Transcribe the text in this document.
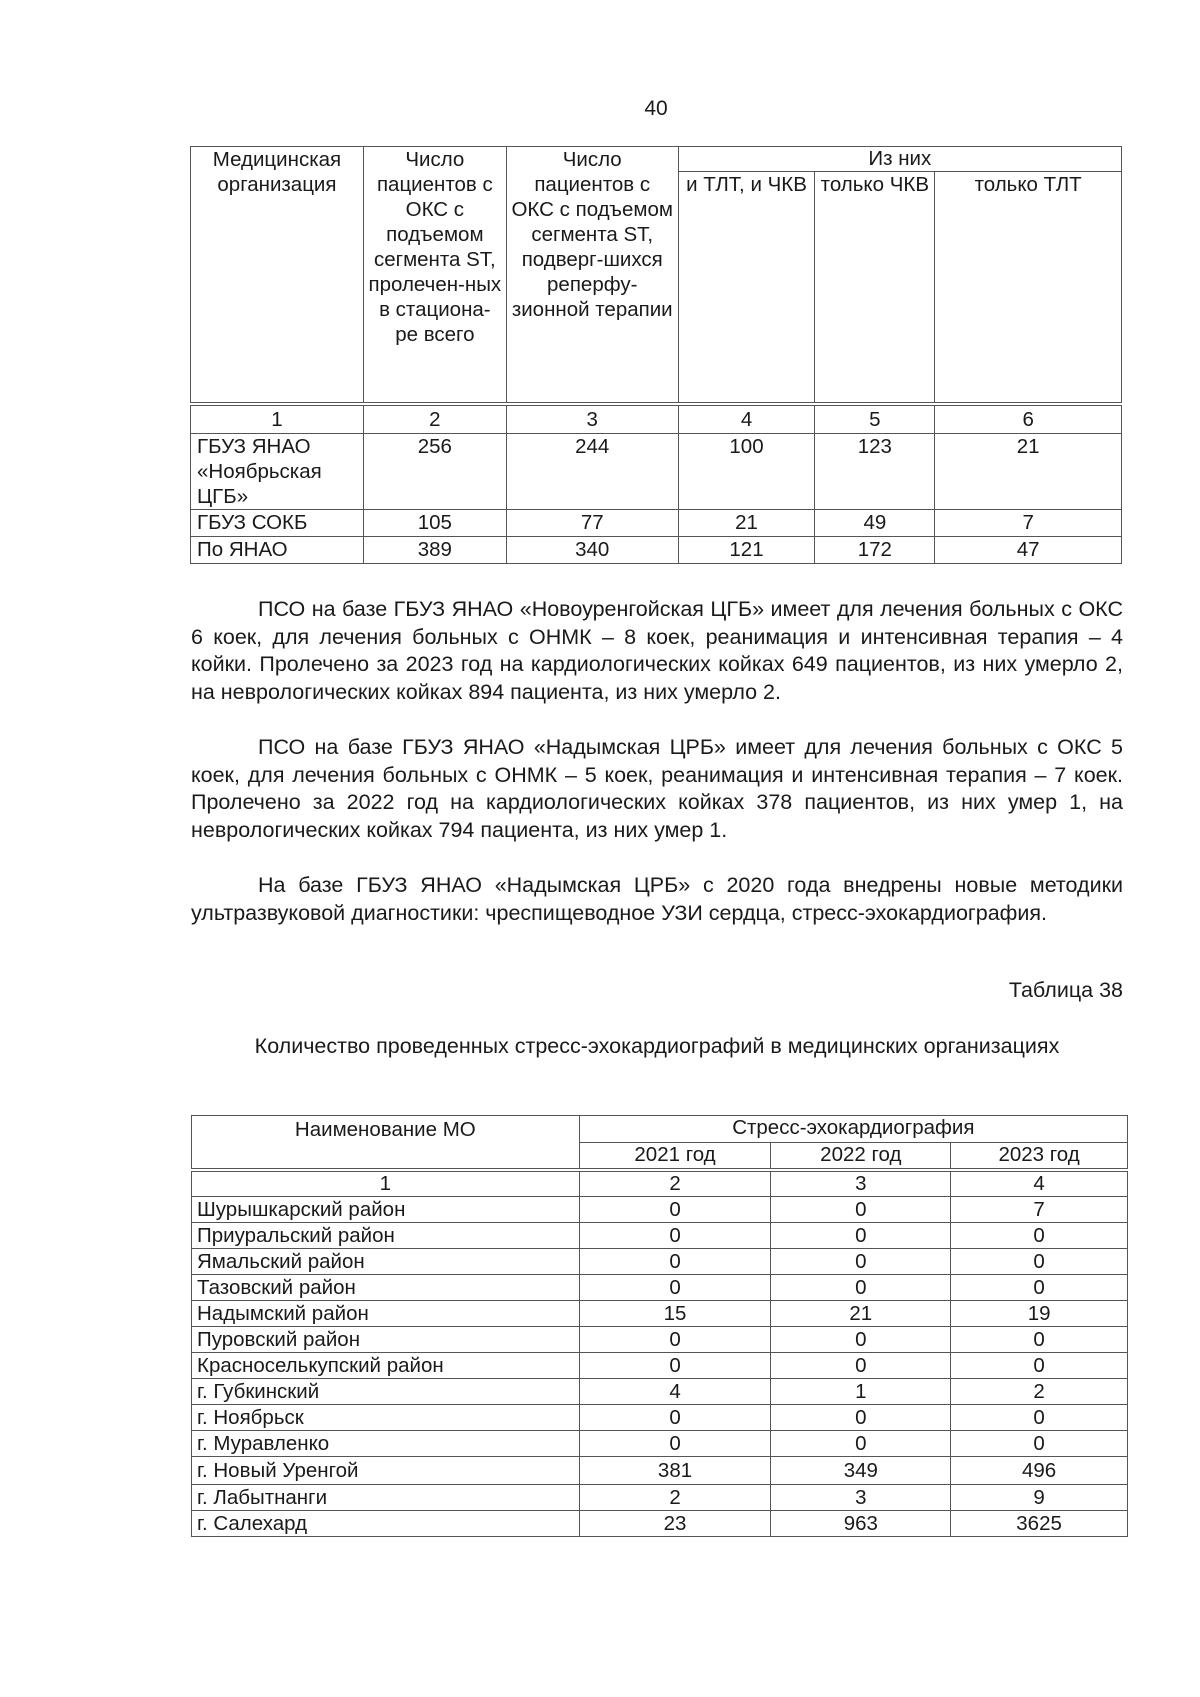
40
Медицинская организация	Число пациентов с ОКС с подъемом сегмента ST, пролечен-ных в стациона-ре всего	Число пациентов с ОКС с подъемом сегмента ST, подверг-шихся реперфу-зионной терапии	Из них		
			и ТЛТ, и ЧКВ	только ЧКВ	только ТЛТ
1	2	3	4	5	6
ГБУЗ ЯНАО «Ноябрьская ЦГБ»	256	244	100	123	21
ГБУЗ СОКБ	105	77	21	49	7
По ЯНАО	389	340	121	172	47

ПСО на базе ГБУЗ ЯНАО «Новоуренгойская ЦГБ» имеет для лечения больных с ОКС 6 коек, для лечения больных с ОНМК – 8 коек, реанимация и интенсивная терапия – 4 койки. Пролечено за 2023 год на кардиологических койках 649 пациентов, из них умерло 2, на неврологических койках 894 пациента, из них умерло 2.

ПСО на базе ГБУЗ ЯНАО «Надымская ЦРБ» имеет для лечения больных с ОКС 5 коек, для лечения больных с ОНМК – 5 коек, реанимация и интенсивная терапия – 7 коек. Пролечено за 2022 год на кардиологических койках 378 пациентов, из них умер 1, на неврологических койках 794 пациента, из них умер 1.

На базе ГБУЗ ЯНАО «Надымская ЦРБ» с 2020 года внедрены новые методики ультразвуковой диагностики: чреспищеводное УЗИ сердца, стресс-эхокардиография.

Таблица 38
Количество проведенных стресс-эхокардиографий в медицинских организациях
Наименование МО	Стресс-эхокардиография		
	2021 год	2022 год	2023 год
1	2	3	4
Шурышкарский район	0	0	7
Приуральский район	0	0	0
Ямальский район	0	0	0
Тазовский район	0	0	0
Надымский район	15	21	19
Пуровский район	0	0	0
Красноселькупский район	0	0	0
г. Губкинский	4	1	2
г. Ноябрьск	0	0	0
г. Муравленко	0	0	0
г. Новый Уренгой	381	349	496
г. Лабытнанги	2	3	9
г. Салехард	23	963	3625
